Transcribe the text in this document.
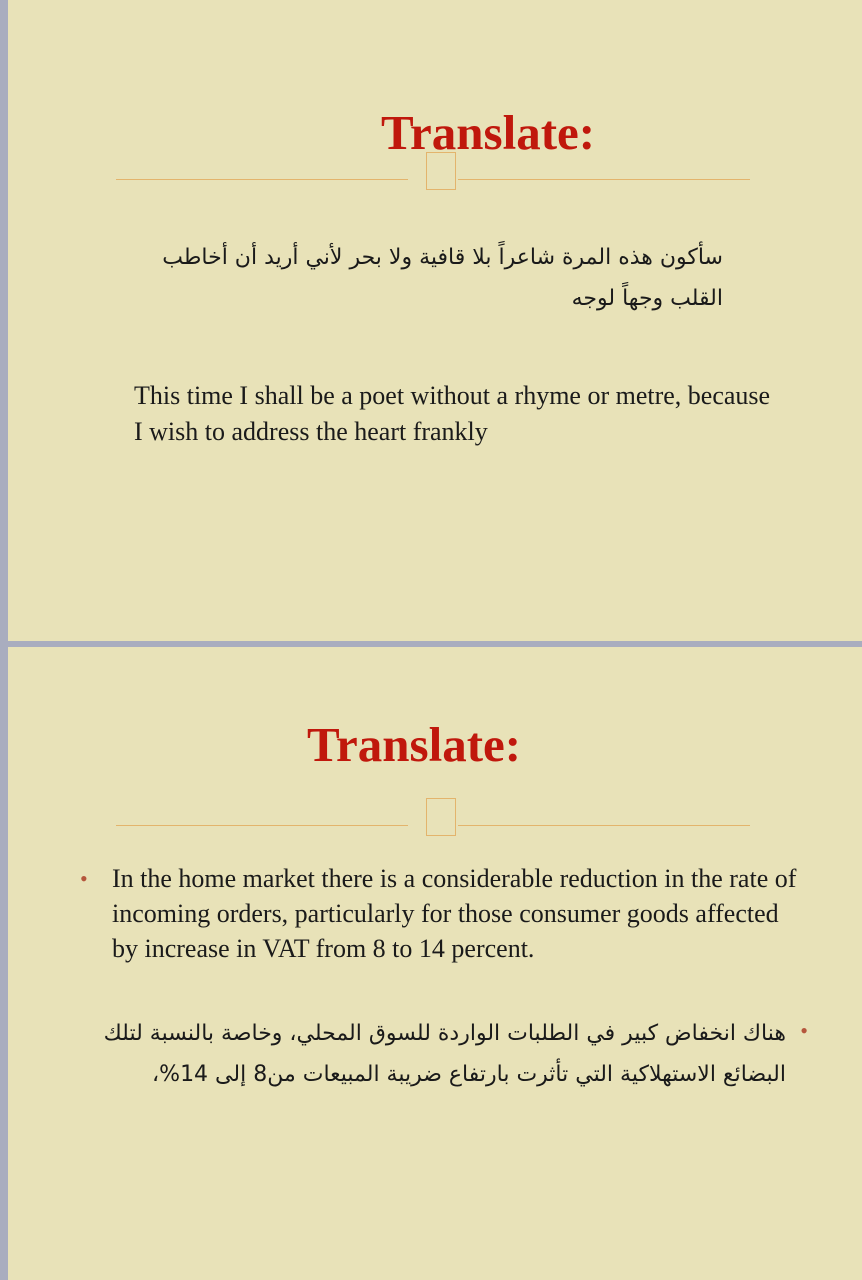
Translate:

سأكون هذه المرة شاعراً بلا قافية ولا بحر لأني أريد أن أخاطب القلب وجهاً لوجه

This time I shall be a poet without a rhyme or metre, because I wish to address the heart frankly

Translate:
• In the home market there is a considerable reduction in the rate of incoming orders, particularly for those consumer goods affected by increase in VAT from 8 to 14 percent.
•
هناك انخفاض كبير في الطلبات الواردة للسوق المحلي، وخاصة بالنسبة لتلك البضائع الاستهلاكية التي تأثرت بارتفاع ضريبة المبيعات من8 إلى 14%،
